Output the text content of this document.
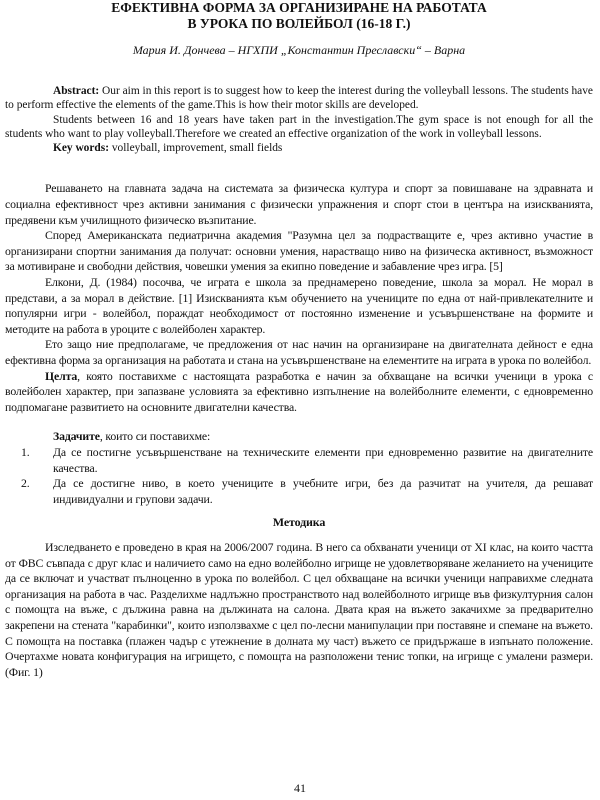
ЕФЕКТИВНА ФОРМА ЗА ОРГАНИЗИРАНЕ НА РАБОТАТА
В УРОКА ПО ВОЛЕЙБОЛ (16-18 Г.)
Мария И. Дончева – НГХПИ „Константин Преславски“ – Варна

Abstract: Our aim in this report is to suggest how to keep the interest during the volleyball lessons. The students have to perform effective the elements of the game.This is how their motor skills are developed.

Students between 16 and 18 years have taken part in the investigation.The gym space is not enough for all the students who want to play volleyball.Therefore we created an effective organization of the work in volleyball lessons.

Key words: volleyball, improvement, small fields

Решаването на главната задача на системата за физическа култура и спорт за повишаване на здравната и социална ефективност чрез активни занимания с физически упражнения и спорт стои в центъра на изискванията, предявени към училищното физическо възпитание.

Според Американската педиатрична академия "Разумна цел за подрастващите е, чрез активно участие в организирани спортни занимания да получат: основни умения, нарастващо ниво на физическа активност, възможност за мотивиране и свободни действия, човешки умения за екипно поведение и забавление чрез игра. [5]

Елкони, Д. (1984) посочва, че играта е школа за преднамерено поведение, школа за морал. Не морал в представи, а за морал в действие. [1] Изискванията към обучението на учениците по една от най-привлекателните и популярни игри - волейбол, пораждат необходимост от постоянно изменение и усъвършенстване на формите и методите на работа в уроците с волейболен характер.

Ето защо ние предполагаме, че предложения от нас начин на организиране на двигателната дейност е една ефективна форма за организация на работата и стана на усъвършенстване на елементите на играта в урока по волейбол.

Целта, която поставихме с настоящата разработка е начин за обхващане на всички ученици в урока с волейболен характер, при запазване условията за ефективно изпълнение на волейболните елементи, с едновременно подпомагане развитието на основните двигателни качества.

Задачите, които си поставихме:

1. Да се постигне усъвършенстване на техническите елементи при едновременно развитие на двигателните качества.
2. Да се достигне ниво, в което учениците в учебните игри, без да разчитат на учителя, да решават индивидуални и групови задачи.
Методика

Изследването е проведено в края на 2006/2007 година. В него са обхванати ученици от XI клас, на които частта от ФВС съвпада с друг клас и наличието само на едно волейболно игрище не удовлетворяване желанието на учениците да се включат и участват пълноценно в урока по волейбол. С цел обхващане на всички ученици направихме следната организация на работа в час. Разделихме надлъжно пространството над волейболното игрище във физкултурния салон с помощта на въже, с дължина равна на дължината на салона. Двата края на въжето закачихме за предварително закрепени на стената "карабинки", които използвахме с цел по-лесни манипулации при поставяне и спемане на въжето. С помощта на поставка (плажен чадър с утежнение в долната му част) въжето се придържаше в изпънато положение. Очертахме новата конфигурация на игрището, с помощта на разположени тенис топки, на игрище с умалени размери. (Фиг. 1)

41
